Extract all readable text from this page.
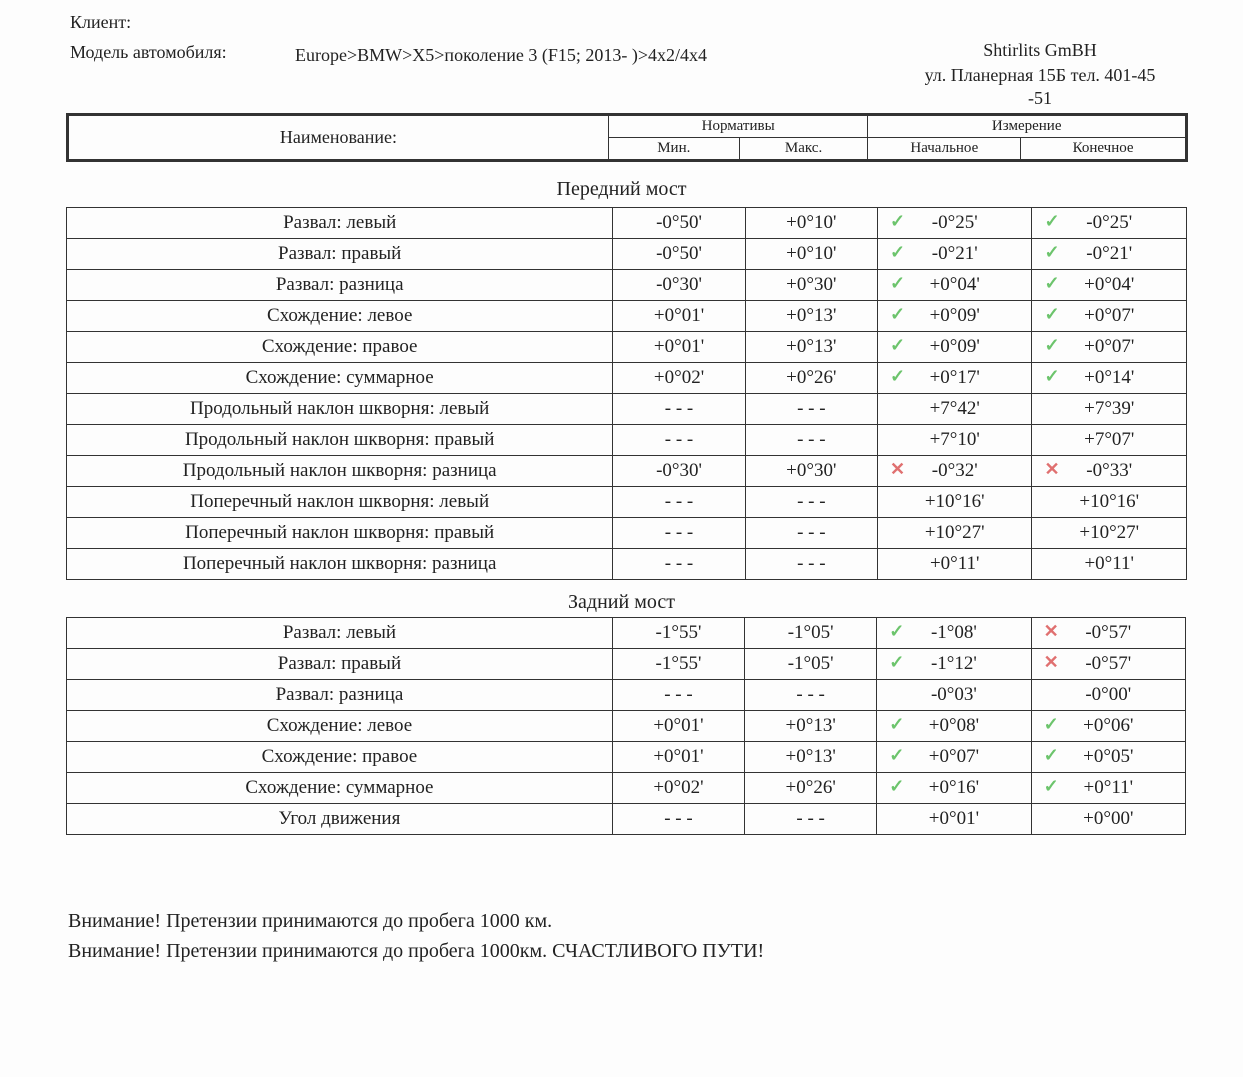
Клиент:
Модель автомобиля:	Europe>BMW>X5>поколение 3 (F15; 2013- )>4x2/4x4	Shtirlits GmBH
ул. Планерная 15Б тел. 401-45
-51
Наименование:	Нормативы		Измерение	
	Мин.	Макс.	Начальное	Конечное
Передний мост
Развал: левый	-0°50'	+0°10'	✓ -0°25'	✓ -0°25'
Развал: правый	-0°50'	+0°10'	✓ -0°21'	✓ -0°21'
Развал: разница	-0°30'	+0°30'	✓ +0°04'	✓ +0°04'
Схождение: левое	+0°01'	+0°13'	✓ +0°09'	✓ +0°07'
Схождение: правое	+0°01'	+0°13'	✓ +0°09'	✓ +0°07'
Схождение: суммарное	+0°02'	+0°26'	✓ +0°17'	✓ +0°14'
Продольный наклон шкворня: левый	- - -	- - -	+7°42'	+7°39'
Продольный наклон шкворня: правый	- - -	- - -	+7°10'	+7°07'
Продольный наклон шкворня: разница	-0°30'	+0°30'	✕ -0°32'	✕ -0°33'
Поперечный наклон шкворня: левый	- - -	- - -	+10°16'	+10°16'
Поперечный наклон шкворня: правый	- - -	- - -	+10°27'	+10°27'
Поперечный наклон шкворня: разница	- - -	- - -	+0°11'	+0°11'
Задний мост
Развал: левый	-1°55'	-1°05'	✓ -1°08'	✕ -0°57'
Развал: правый	-1°55'	-1°05'	✓ -1°12'	✕ -0°57'
Развал: разница	- - -	- - -	-0°03'	-0°00'
Схождение: левое	+0°01'	+0°13'	✓ +0°08'	✓ +0°06'
Схождение: правое	+0°01'	+0°13'	✓ +0°07'	✓ +0°05'
Схождение: суммарное	+0°02'	+0°26'	✓ +0°16'	✓ +0°11'
Угол движения	- - -	- - -	+0°01'	+0°00'
Внимание! Претензии принимаются до пробега 1000 км.
Внимание! Претензии принимаются до пробега 1000км. СЧАСТЛИВОГО ПУТИ!
